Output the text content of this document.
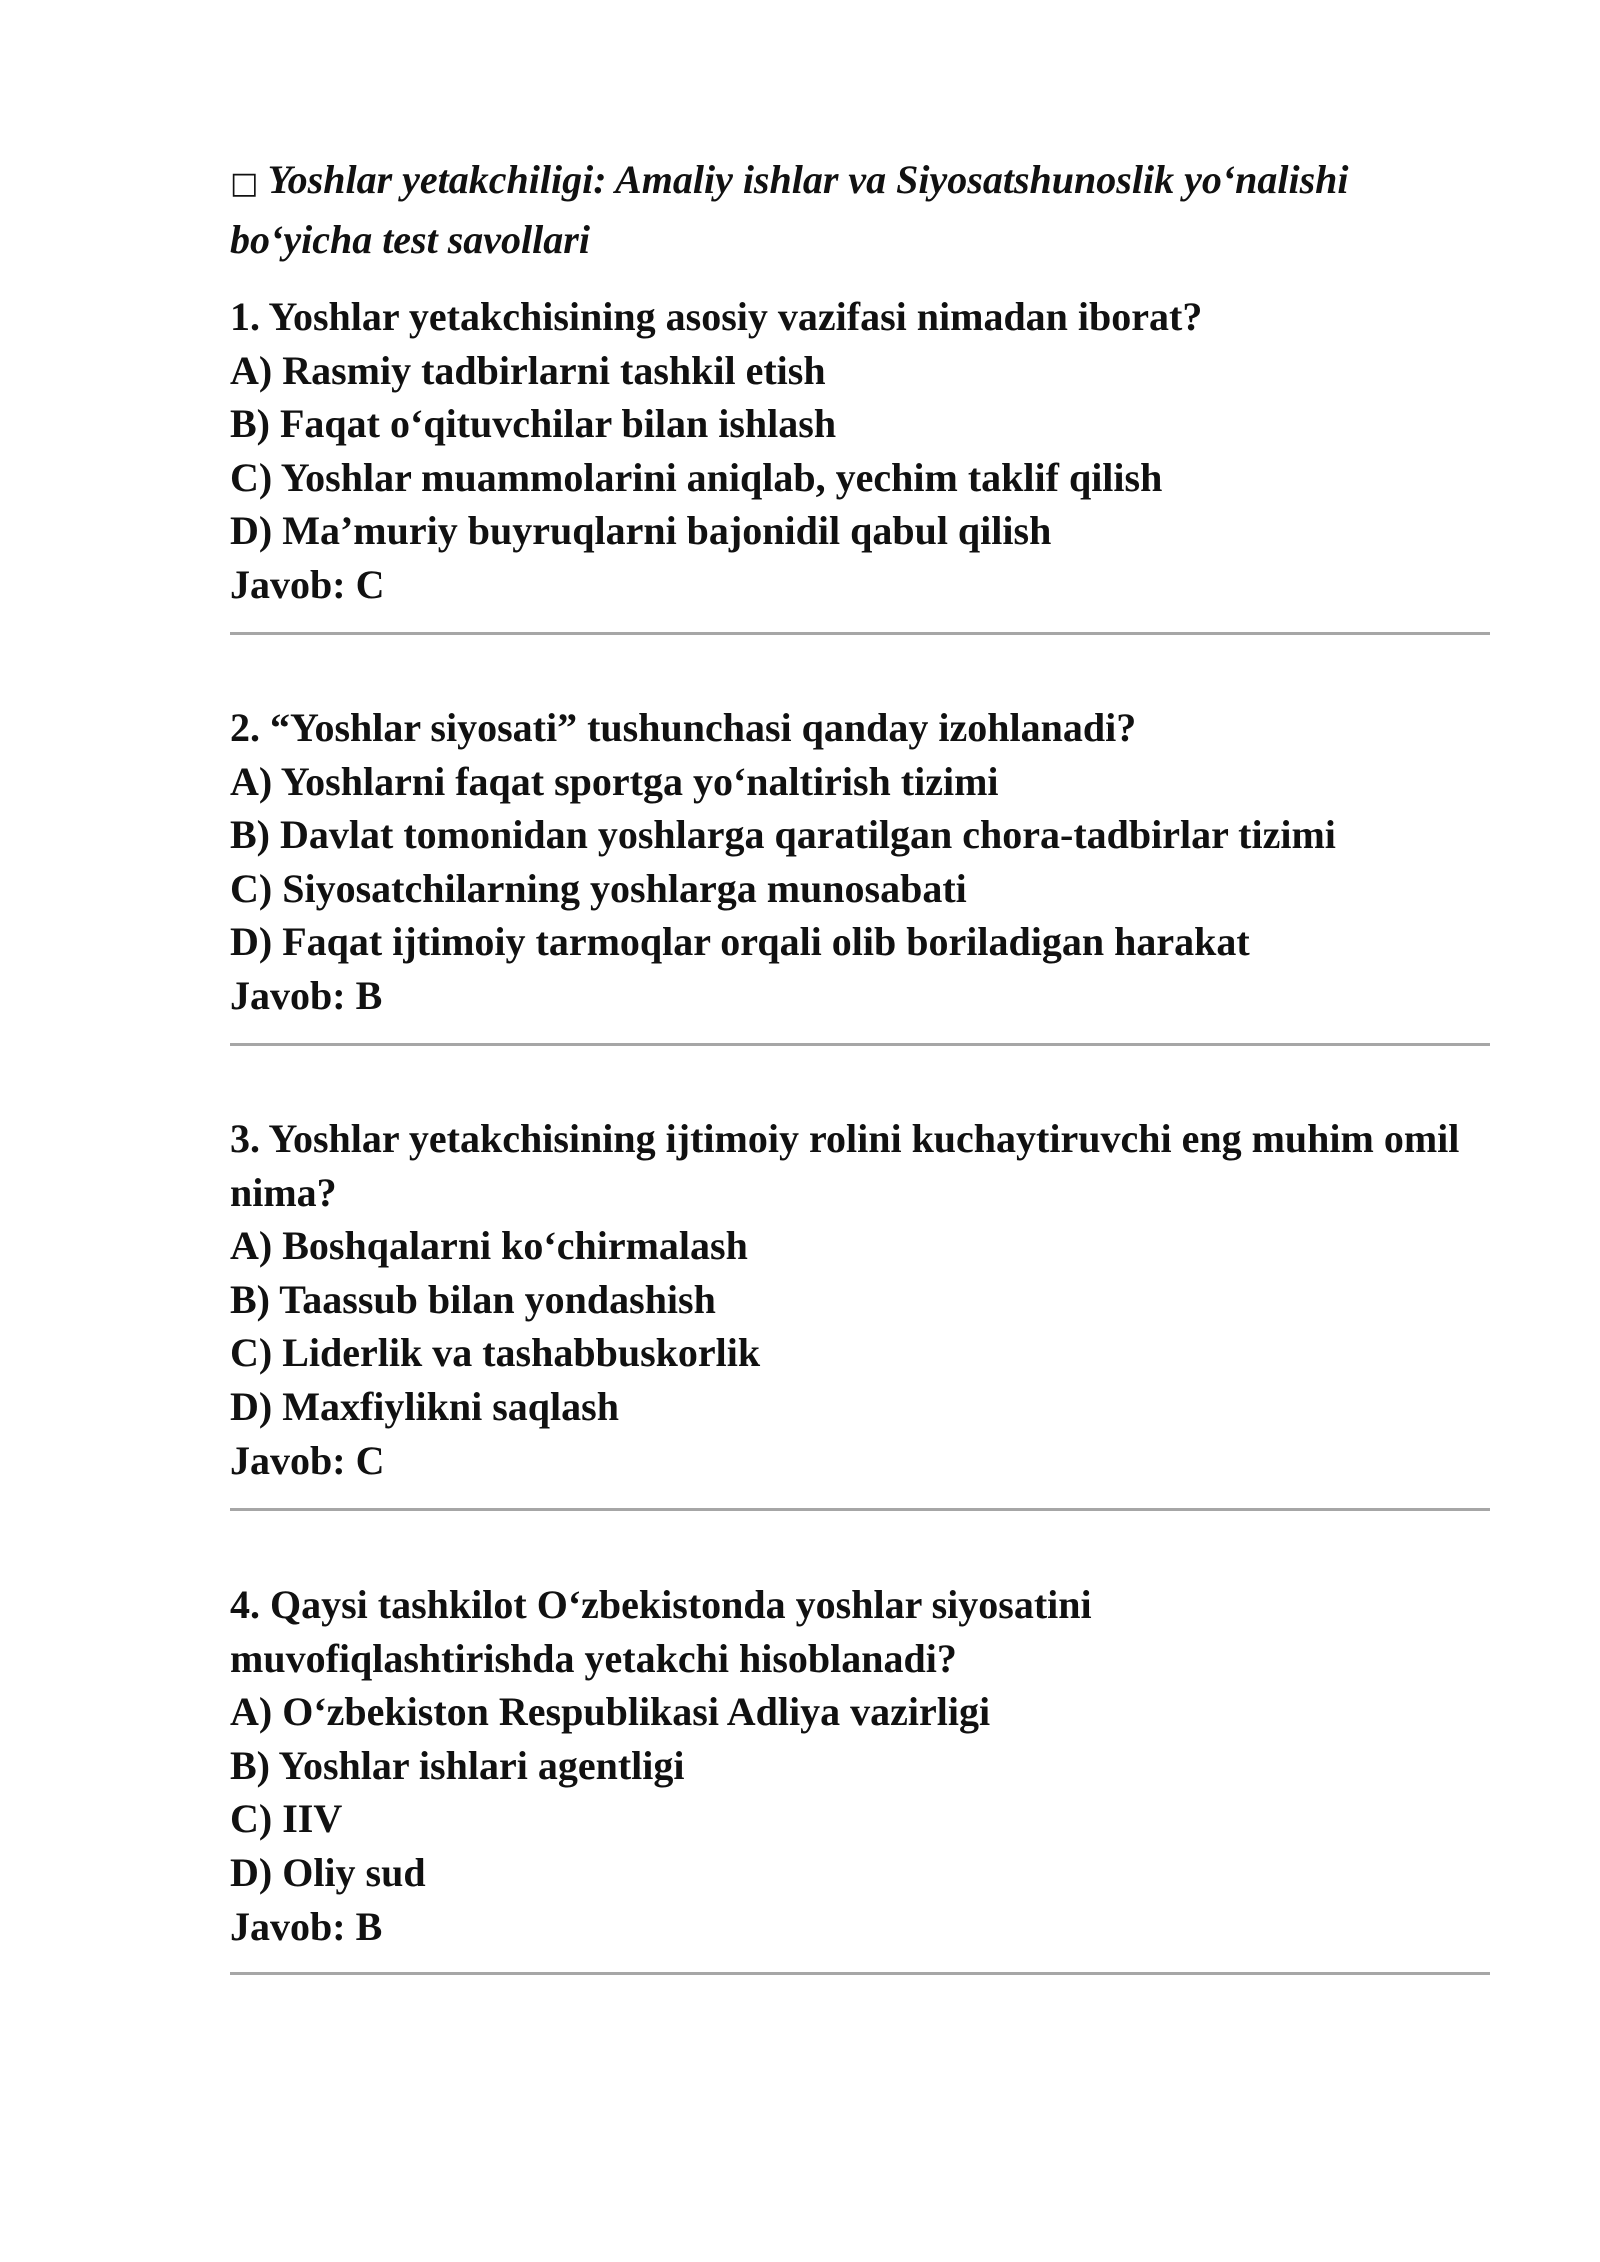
□ Yoshlar yetakchiligi: Amaliy ishlar va Siyosatshunoslik yo‘nalishi bo‘yicha test savollari
1. Yoshlar yetakchisining asosiy vazifasi nimadan iborat?
A) Rasmiy tadbirlarni tashkil etish
B) Faqat o‘qituvchilar bilan ishlash
C) Yoshlar muammolarini aniqlab, yechim taklif qilish
D) Ma’muriy buyruqlarni bajonidil qabul qilish
Javob: C
2. “Yoshlar siyosati” tushunchasi qanday izohlanadi?
A) Yoshlarni faqat sportga yo‘naltirish tizimi
B) Davlat tomonidan yoshlarga qaratilgan chora-tadbirlar tizimi
C) Siyosatchilarning yoshlarga munosabati
D) Faqat ijtimoiy tarmoqlar orqali olib boriladigan harakat
Javob: B
3. Yoshlar yetakchisining ijtimoiy rolini kuchaytiruvchi eng muhim omil nima?
A) Boshqalarni ko‘chirmalash
B) Taassub bilan yondashish
C) Liderlik va tashabbuskorlik
D) Maxfiylikni saqlash
Javob: C
4. Qaysi tashkilot O‘zbekistonda yoshlar siyosatini muvofiqlashtirishda yetakchi hisoblanadi?
A) O‘zbekiston Respublikasi Adliya vazirligi
B) Yoshlar ishlari agentligi
C) IIV
D) Oliy sud
Javob: B
